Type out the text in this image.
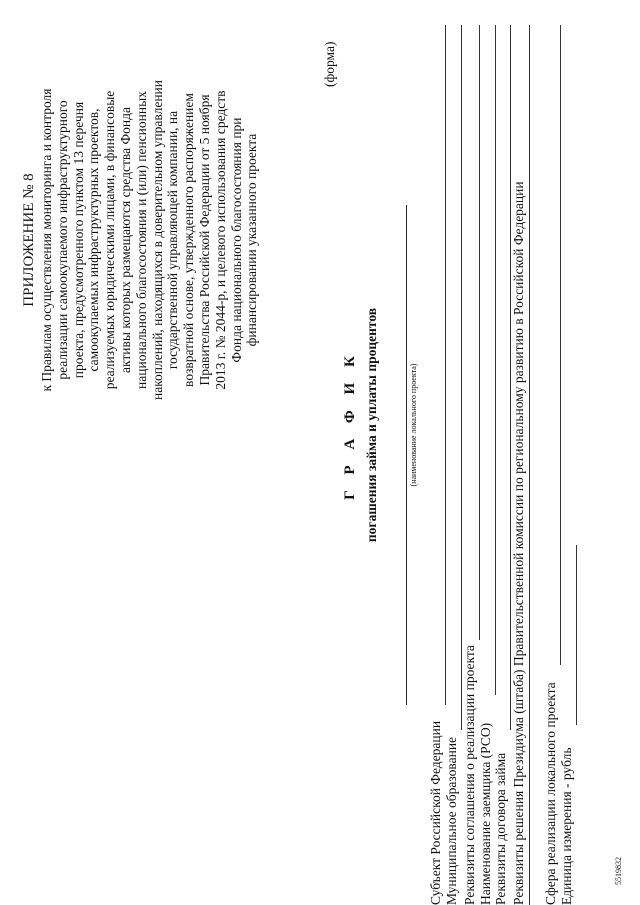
ПРИЛОЖЕНИЕ № 8 к Правилам осуществления мониторинга и контроля реализации самоокупаемого инфраструктурного проекта, предусмотренного пунктом 13 перечня самоокупаемых инфраструктурных проектов, реализуемых юридическими лицами, в финансовые активы которых размещаются средства Фонда национального благосостояния и (или) пенсионных накоплений, находящихся в доверительном управлении государственной управляющей компании, на возвратной основе, утвержденного распоряжением Правительства Российской Федерации от 5 ноября 2013 г. № 2044-р, и целевого использования средств Фонда национального благосостояния при финансировании указанного проекта
(форма)
Г Р А Ф И К погашения займа и уплаты процентов	(наименование локального проекта)
Субъект Российской Федерации Муниципальное образование Реквизиты соглашения о реализации проекта Наименование заемщика (РСО) Реквизиты договора займа Реквизиты решения Президиума (штаба) Правительственной комиссии по региональному развитию в Российской Федерации Сфера реализации локального проекта Единица измерения - рубль	5519832
